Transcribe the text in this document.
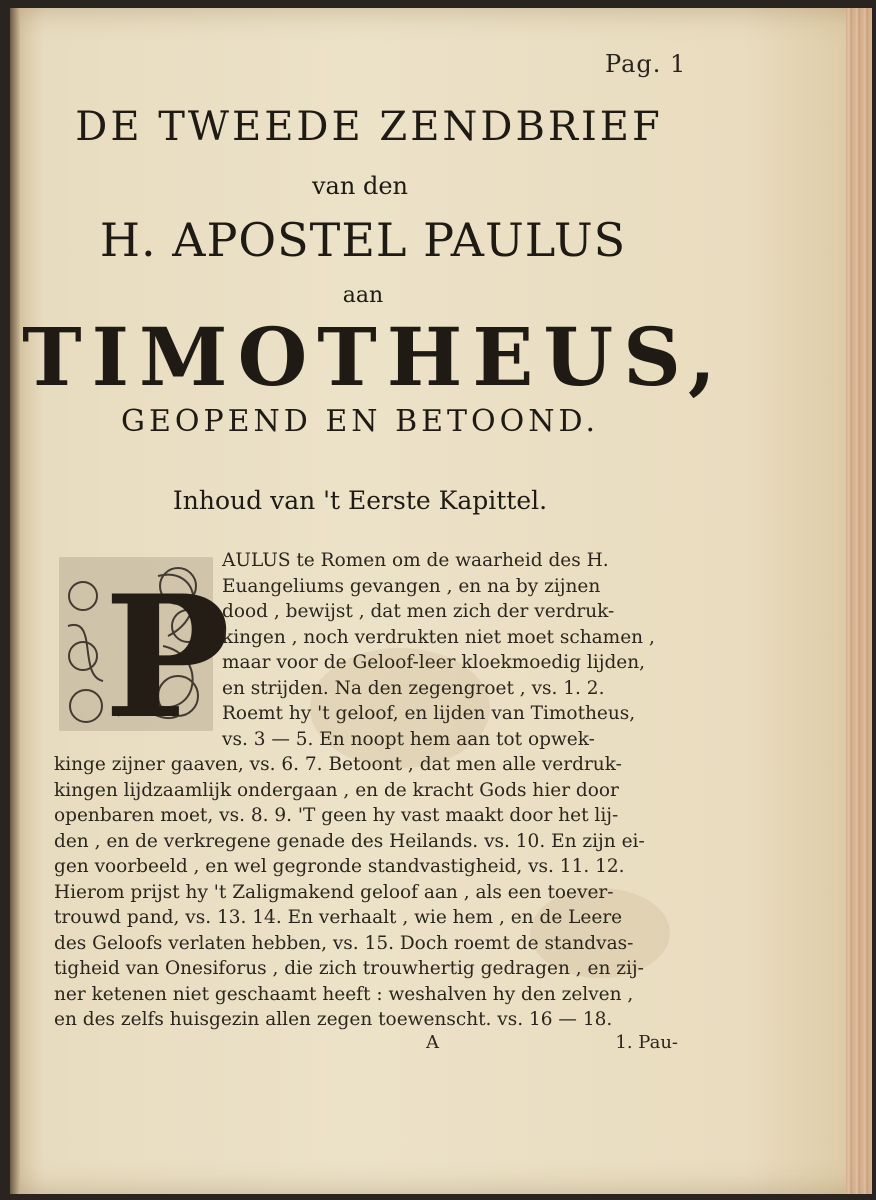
Pag. 1
DE TWEEDE ZENDBRIEF
van den
H. APOSTEL PAULUS
aan
TIMOTHEUS,
GEOPEND EN BETOOND.
Inhoud van 't Eerste Kapittel.
P
AULUS te Romen om de waarheid des H.
Euangeliums gevangen , en na by zijnen
dood , bewijst , dat men zich der verdruk-
kingen , noch verdrukten niet moet schamen ,
maar voor de Geloof-leer kloekmoedig lijden,
en strijden. Na den zegengroet , vs. 1. 2.
Roemt hy 't geloof, en lijden van Timotheus,
vs. 3 — 5. En noopt hem aan tot opwek-
kinge zijner gaaven, vs. 6. 7. Betoont , dat men alle verdruk-
kingen lijdzaamlijk ondergaan , en de kracht Gods hier door
openbaren moet, vs. 8. 9. 'T geen hy vast maakt door het lij-
den , en de verkregene genade des Heilands. vs. 10. En zijn ei-
gen voorbeeld , en wel gegronde standvastigheid, vs. 11. 12.
Hierom prijst hy 't Zaligmakend geloof aan , als een toever-
trouwd pand, vs. 13. 14. En verhaalt , wie hem , en de Leere
des Geloofs verlaten hebben, vs. 15. Doch roemt de standvas-
tigheid van Onesiforus , die zich trouwhertig gedragen , en zij-
ner ketenen niet geschaamt heeft : weshalven hy den zelven ,
en des zelfs huisgezin allen zegen toewenscht. vs. 16 — 18.
A	1. Pau-
